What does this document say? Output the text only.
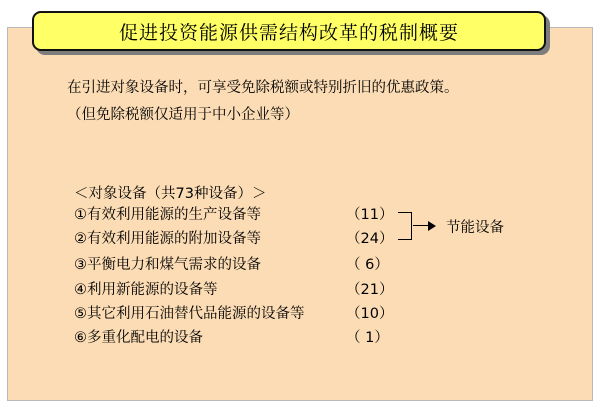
促进投资能源供需结构改革的税制概要
在引进对象设备时，可享受免除税额或特别折旧的优惠政策。
（但免除税额仅适用于中小企业等）
＜对象设备（共73种设备）＞
①有效利用能源的生产设备等	（11）
②有效利用能源的附加设备等	（24）
③平衡电力和煤气需求的设备	（ 6）
④利用新能源的设备等	（21）
⑤其它利用石油替代品能源的设备等	（10）
⑥多重化配电的设备	（ 1）
节能设备
